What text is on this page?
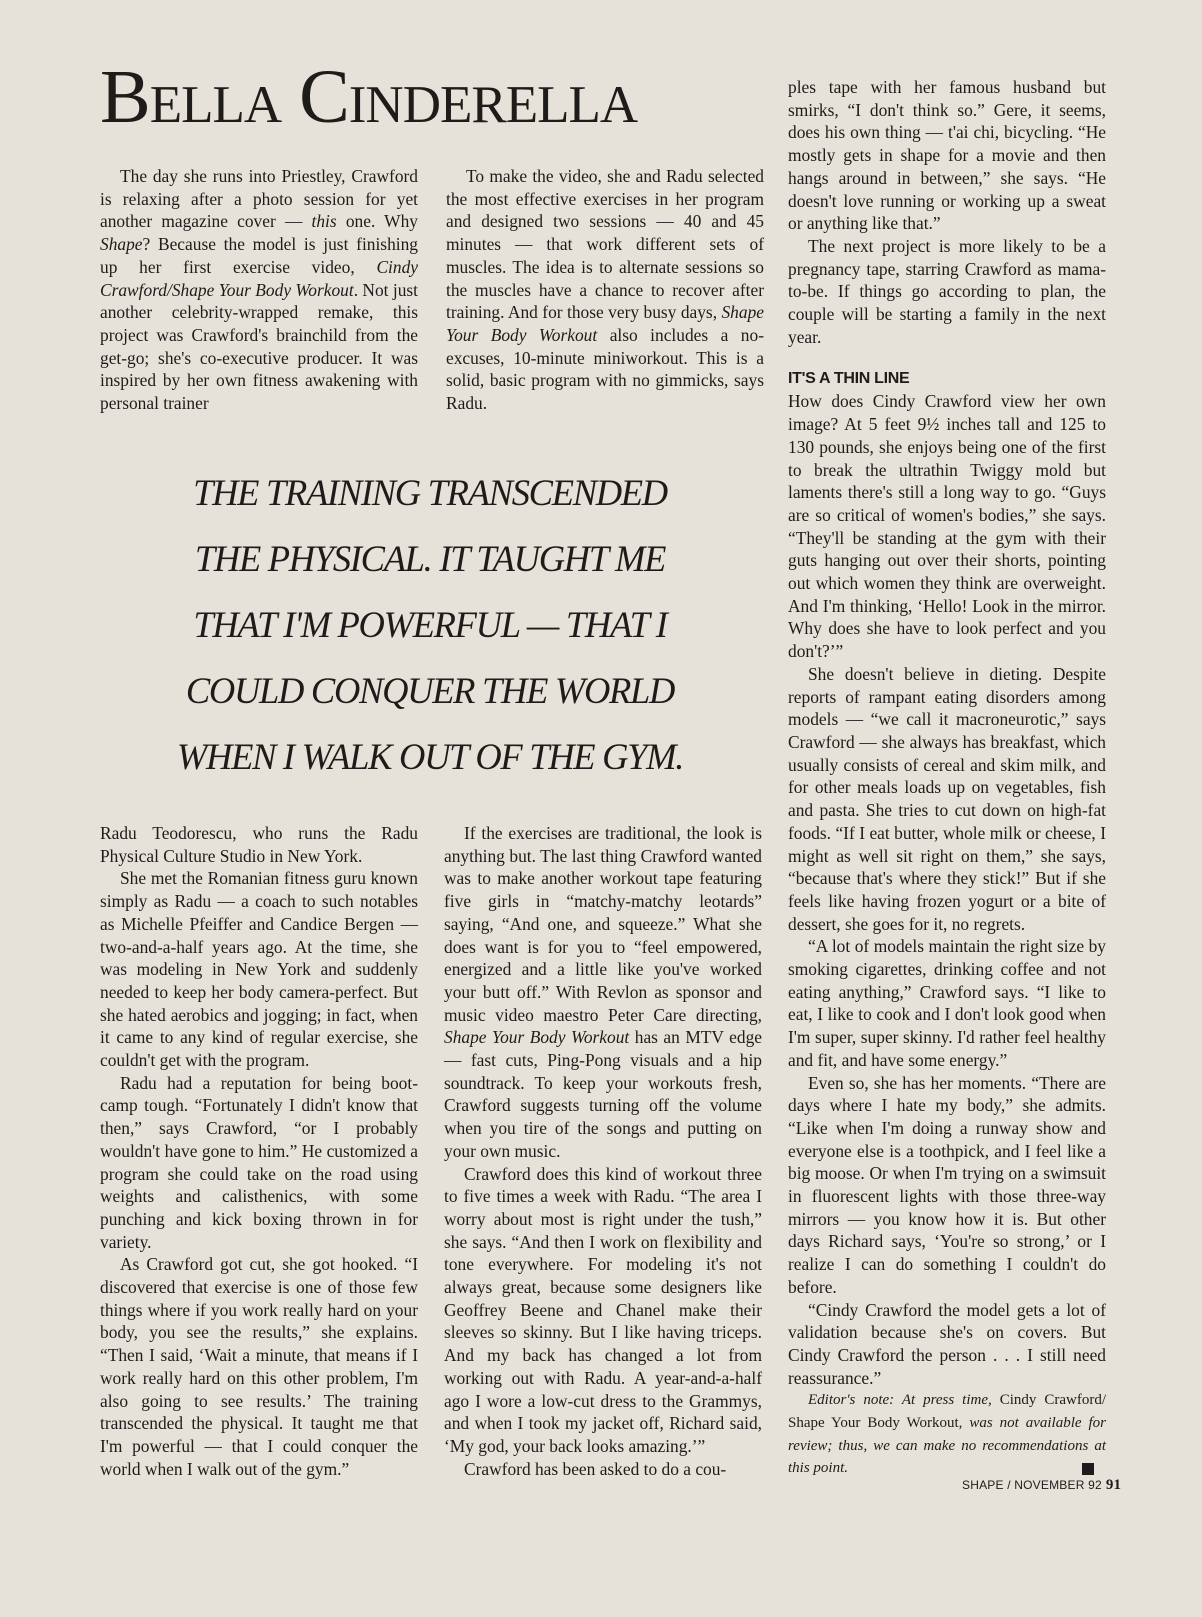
Bella Cinderella

The day she runs into Priestley, Crawford is relaxing after a photo session for yet another magazine cover — this one. Why Shape? Because the model is just finishing up her first exercise video, Cindy Crawford/Shape Your Body Workout. Not just another celebrity-wrapped remake, this project was Crawford's brainchild from the get-go; she's co-executive producer. It was inspired by her own fitness awakening with personal trainer

To make the video, she and Radu selected the most effective exercises in her program and designed two sessions — 40 and 45 minutes — that work different sets of muscles. The idea is to alternate sessions so the muscles have a chance to recover after training. And for those very busy days, Shape Your Body Workout also includes a no-excuses, 10-minute miniworkout. This is a solid, basic program with no gimmicks, says Radu.

THE TRAINING TRANSCENDED
THE PHYSICAL. IT TAUGHT ME
THAT I'M POWERFUL — THAT I
COULD CONQUER THE WORLD
WHEN I WALK OUT OF THE GYM.

Radu Teodorescu, who runs the Radu Physical Culture Studio in New York.

She met the Romanian fitness guru known simply as Radu — a coach to such notables as Michelle Pfeiffer and Candice Bergen — two-and-a-half years ago. At the time, she was modeling in New York and suddenly needed to keep her body camera-perfect. But she hated aerobics and jogging; in fact, when it came to any kind of regular exercise, she couldn't get with the program.

Radu had a reputation for being boot-camp tough. “Fortunately I didn't know that then,” says Crawford, “or I probably wouldn't have gone to him.” He customized a program she could take on the road using weights and calisthenics, with some punching and kick boxing thrown in for variety.

As Crawford got cut, she got hooked. “I discovered that exercise is one of those few things where if you work really hard on your body, you see the results,” she explains. “Then I said, ‘Wait a minute, that means if I work really hard on this other problem, I'm also going to see results.’ The training transcended the physical. It taught me that I'm powerful — that I could conquer the world when I walk out of the gym.”

If the exercises are traditional, the look is anything but. The last thing Crawford wanted was to make another workout tape featuring five girls in “matchy-matchy leotards” saying, “And one, and squeeze.” What she does want is for you to “feel empowered, energized and a little like you've worked your butt off.” With Revlon as sponsor and music video maestro Peter Care directing, Shape Your Body Workout has an MTV edge — fast cuts, Ping-Pong visuals and a hip soundtrack. To keep your workouts fresh, Crawford suggests turning off the volume when you tire of the songs and putting on your own music.

Crawford does this kind of workout three to five times a week with Radu. “The area I worry about most is right under the tush,” she says. “And then I work on flexibility and tone everywhere. For modeling it's not always great, because some designers like Geoffrey Beene and Chanel make their sleeves so skinny. But I like having triceps. And my back has changed a lot from working out with Radu. A year-and-a-half ago I wore a low-cut dress to the Grammys, and when I took my jacket off, Richard said, ‘My god, your back looks amazing.’”

Crawford has been asked to do a cou-

ples tape with her famous husband but smirks, “I don't think so.” Gere, it seems, does his own thing — t'ai chi, bicycling. “He mostly gets in shape for a movie and then hangs around in between,” she says. “He doesn't love running or working up a sweat or anything like that.”

The next project is more likely to be a pregnancy tape, starring Crawford as mama-to-be. If things go according to plan, the couple will be starting a family in the next year.

IT'S A THIN LINE

How does Cindy Crawford view her own image? At 5 feet 9½ inches tall and 125 to 130 pounds, she enjoys being one of the first to break the ultrathin Twiggy mold but laments there's still a long way to go. “Guys are so critical of women's bodies,” she says. “They'll be standing at the gym with their guts hanging out over their shorts, pointing out which women they think are overweight. And I'm thinking, ‘Hello! Look in the mirror. Why does she have to look perfect and you don't?’”

She doesn't believe in dieting. Despite reports of rampant eating disorders among models — “we call it macroneurotic,” says Crawford — she always has breakfast, which usually consists of cereal and skim milk, and for other meals loads up on vegetables, fish and pasta. She tries to cut down on high-fat foods. “If I eat butter, whole milk or cheese, I might as well sit right on them,” she says, “because that's where they stick!” But if she feels like having frozen yogurt or a bite of dessert, she goes for it, no regrets.

“A lot of models maintain the right size by smoking cigarettes, drinking coffee and not eating anything,” Crawford says. “I like to eat, I like to cook and I don't look good when I'm super, super skinny. I'd rather feel healthy and fit, and have some energy.”

Even so, she has her moments. “There are days where I hate my body,” she admits. “Like when I'm doing a runway show and everyone else is a toothpick, and I feel like a big moose. Or when I'm trying on a swimsuit in fluorescent lights with those three-way mirrors — you know how it is. But other days Richard says, ‘You're so strong,’ or I realize I can do something I couldn't do before.

“Cindy Crawford the model gets a lot of validation because she's on covers. But Cindy Crawford the person . . . I still need reassurance.”

Editor's note: At press time, Cindy Crawford/ Shape Your Body Workout, was not available for review; thus, we can make no recommendations at this point.

SHAPE / NOVEMBER 92 91
